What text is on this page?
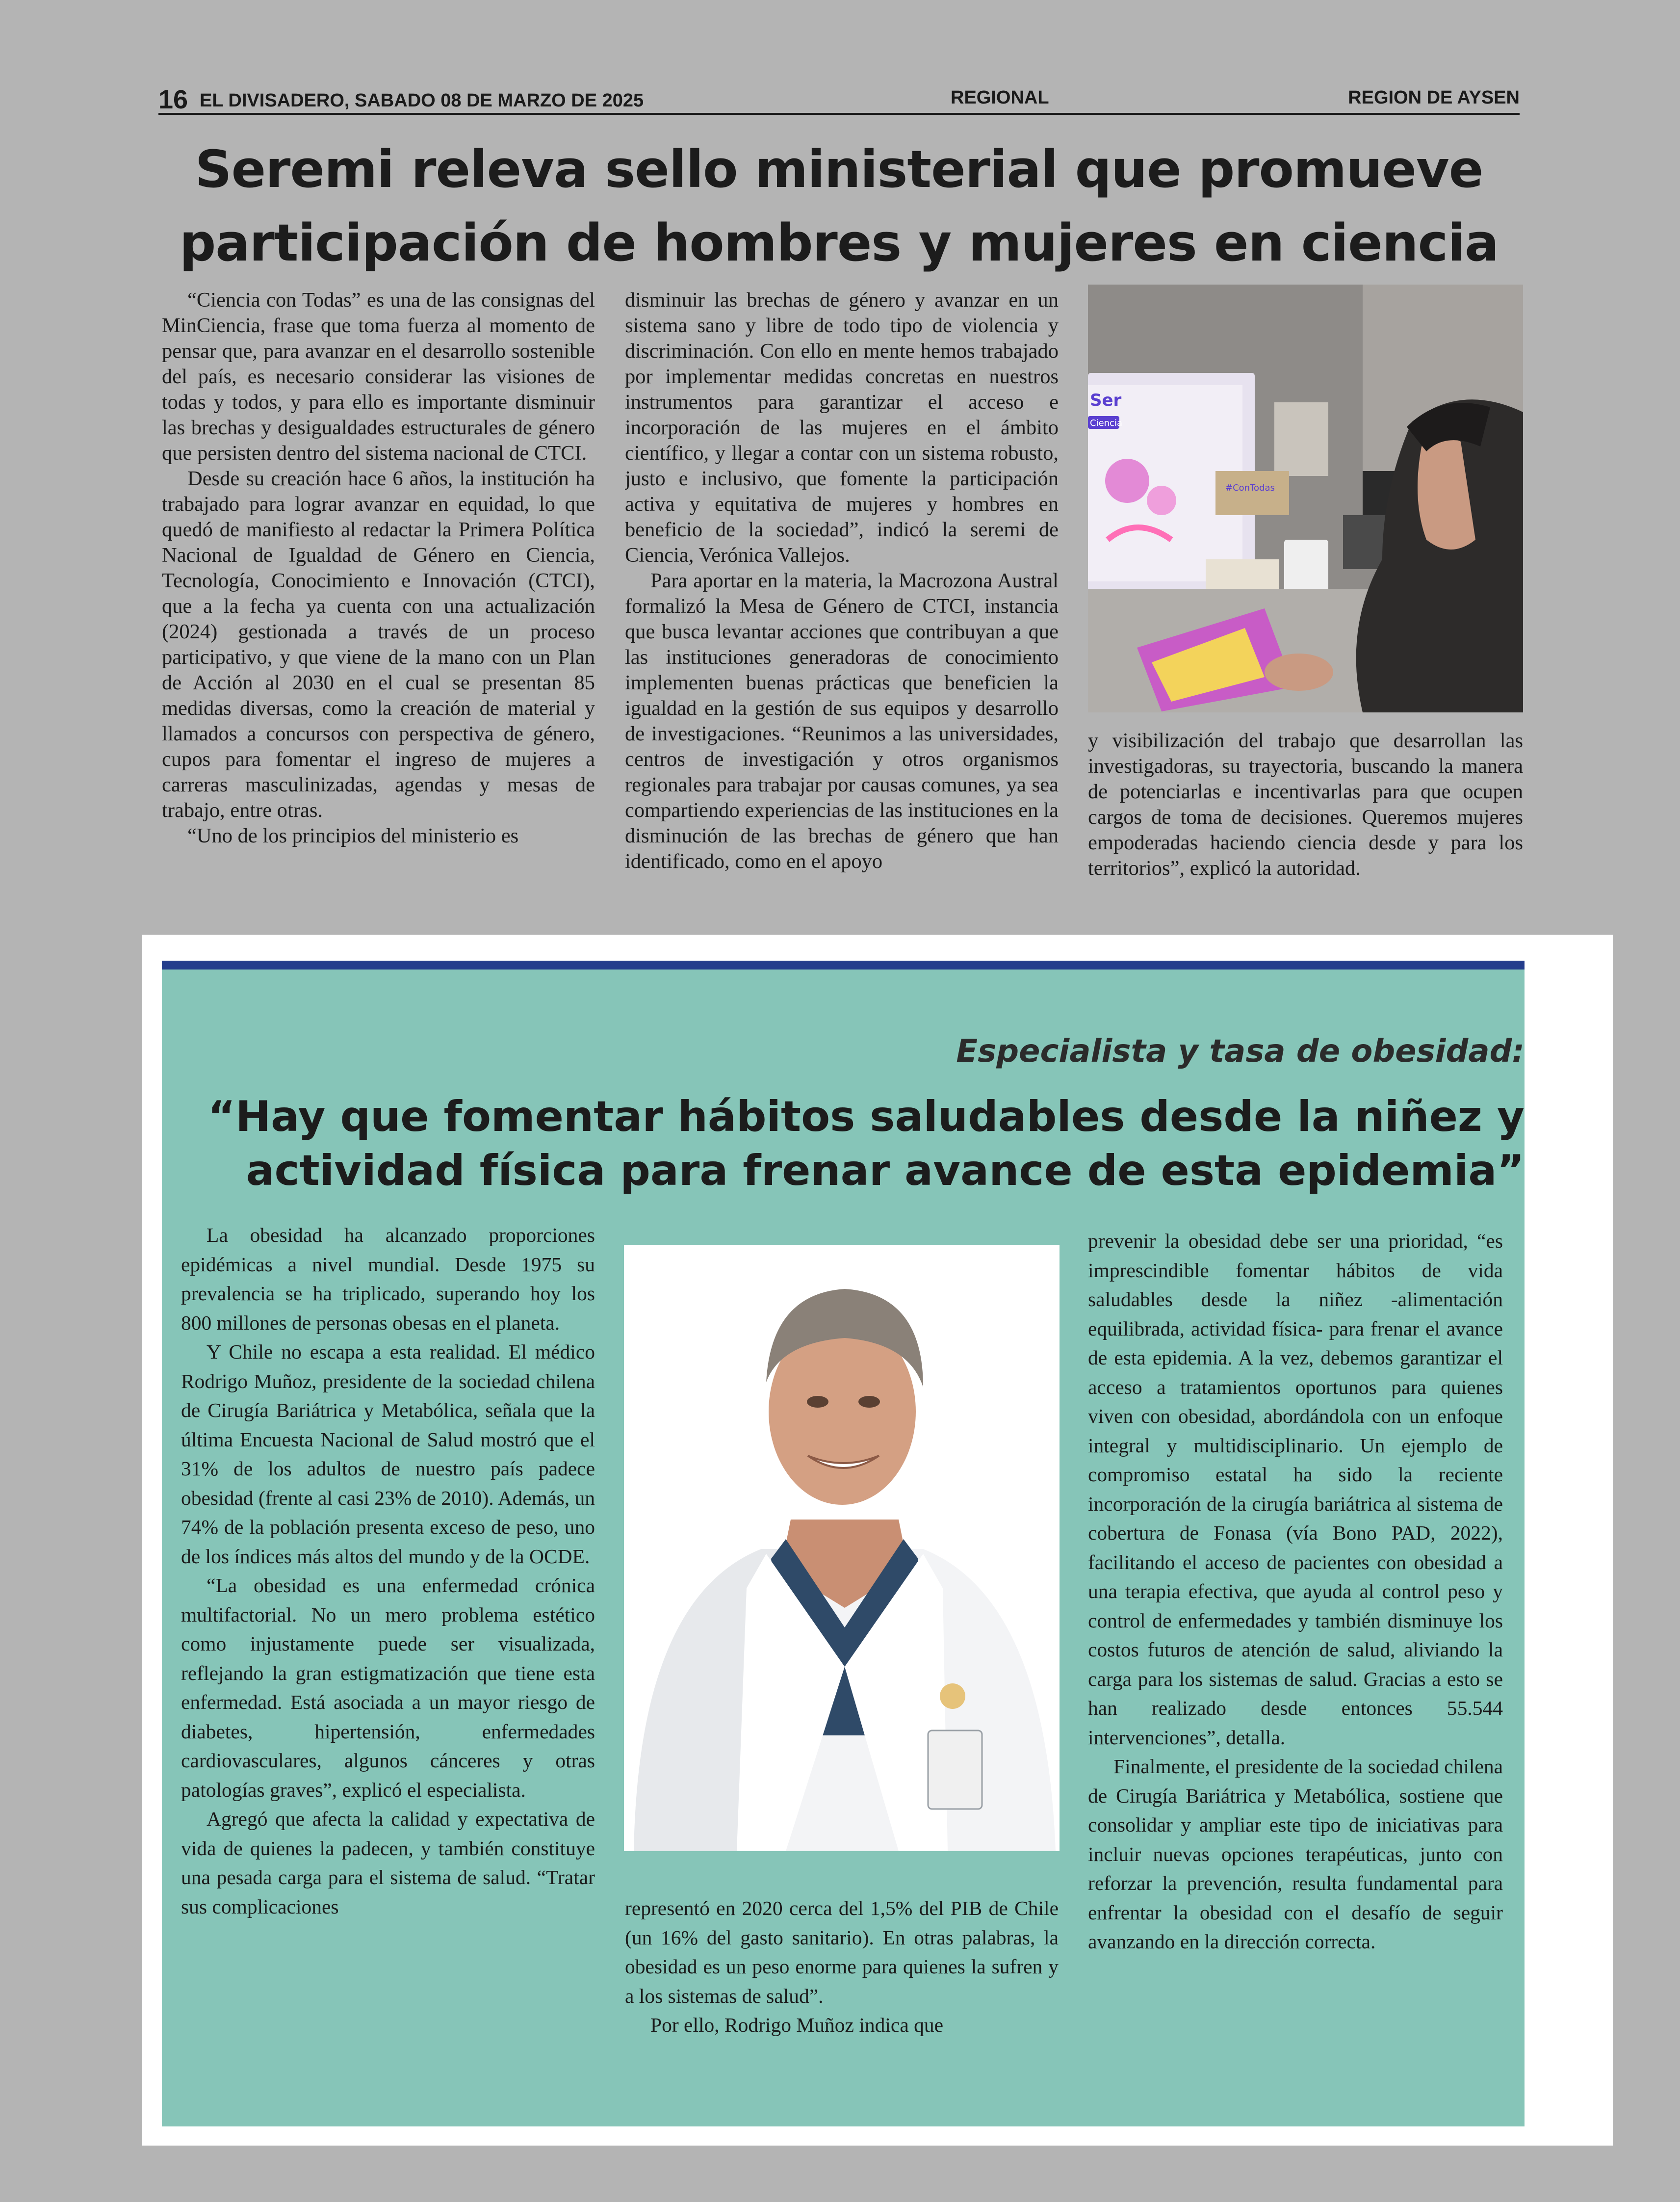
16 EL DIVISADERO, SABADO 08 DE MARZO DE 2025	REGIONAL	REGION DE AYSEN
Seremi releva sello ministerial que promueve participación de hombres y mujeres en ciencia

“Ciencia con Todas” es una de las consignas del MinCiencia, frase que toma fuerza al momento de pensar que, para avanzar en el desarrollo sostenible del país, es necesario considerar las visiones de todas y todos, y para ello es importante disminuir las brechas y desigualdades estructurales de género que persisten dentro del sistema nacional de CTCI.

Desde su creación hace 6 años, la institución ha trabajado para lograr avanzar en equidad, lo que quedó de manifiesto al redactar la Primera Política Nacional de Igualdad de Género en Ciencia, Tecnología, Conocimiento e Innovación (CTCI), que a la fecha ya cuenta con una actualización (2024) gestionada a través de un proceso participativo, y que viene de la mano con un Plan de Acción al 2030 en el cual se presentan 85 medidas diversas, como la creación de material y llamados a concursos con perspectiva de género, cupos para fomentar el ingreso de mujeres a carreras masculinizadas, agendas y mesas de trabajo, entre otras.

“Uno de los principios del ministerio es

disminuir las brechas de género y avanzar en un sistema sano y libre de todo tipo de violencia y discriminación. Con ello en mente hemos trabajado por implementar medidas concretas en nuestros instrumentos para garantizar el acceso e incorporación de las mujeres en el ámbito científico, y llegar a contar con un sistema robusto, justo e inclusivo, que fomente la participación activa y equitativa de mujeres y hombres en beneficio de la sociedad”, indicó la seremi de Ciencia, Verónica Vallejos.

Para aportar en la materia, la Macrozona Austral formalizó la Mesa de Género de CTCI, instancia que busca levantar acciones que contribuyan a que las instituciones generadoras de conocimiento implementen buenas prácticas que beneficien la igualdad en la gestión de sus equipos y desarrollo de investigaciones. “Reunimos a las universidades, centros de investigación y otros organismos regionales para trabajar por causas comunes, ya sea compartiendo experiencias de las instituciones en la disminución de las brechas de género que han identificado, como en el apoyo

Ser
Ciencia
#ConTodas

y visibilización del trabajo que desarrollan las investigadoras, su trayectoria, buscando la manera de potenciarlas e incentivarlas para que ocupen cargos de toma de decisiones. Queremos mujeres empoderadas haciendo ciencia desde y para los territorios”, explicó la autoridad.

Especialista y tasa de obesidad:
“Hay que fomentar hábitos saludables desde la niñez y actividad física para frenar avance de esta epidemia”

La obesidad ha alcanzado proporciones epidémicas a nivel mundial. Desde 1975 su prevalencia se ha triplicado, superando hoy los 800 millones de personas obesas en el planeta.

Y Chile no escapa a esta realidad. El médico Rodrigo Muñoz, presidente de la sociedad chilena de Cirugía Bariátrica y Metabólica, señala que la última Encuesta Nacional de Salud mostró que el 31% de los adultos de nuestro país padece obesidad (frente al casi 23% de 2010). Además, un 74% de la población presenta exceso de peso, uno de los índices más altos del mundo y de la OCDE.

“La obesidad es una enfermedad crónica multifactorial. No un mero problema estético como injustamente puede ser visualizada, reflejando la gran estigmatización que tiene esta enfermedad. Está asociada a un mayor riesgo de diabetes, hipertensión, enfermedades cardiovasculares, algunos cánceres y otras patologías graves”, explicó el especialista.

Agregó que afecta la calidad y expectativa de vida de quienes la padecen, y también constituye una pesada carga para el sistema de salud. “Tratar sus complicaciones	representó en 2020 cerca del 1,5% del PIB de Chile (un 16% del gasto sanitario). En otras palabras, la obesidad es un peso enorme para quienes la sufren y a los sistemas de salud”.

Por ello, Rodrigo Muñoz indica que

prevenir la obesidad debe ser una prioridad, “es imprescindible fomentar hábitos de vida saludables desde la niñez -alimentación equilibrada, actividad física- para frenar el avance de esta epidemia. A la vez, debemos garantizar el acceso a tratamientos oportunos para quienes viven con obesidad, abordándola con un enfoque integral y multidisciplinario. Un ejemplo de compromiso estatal ha sido la reciente incorporación de la cirugía bariátrica al sistema de cobertura de Fonasa (vía Bono PAD, 2022), facilitando el acceso de pacientes con obesidad a una terapia efectiva, que ayuda al control peso y control de enfermedades y también disminuye los costos futuros de atención de salud, aliviando la carga para los sistemas de salud. Gracias a esto se han realizado desde entonces 55.544 intervenciones”, detalla.

Finalmente, el presidente de la sociedad chilena de Cirugía Bariátrica y Metabólica, sostiene que consolidar y ampliar este tipo de iniciativas para incluir nuevas opciones terapéuticas, junto con reforzar la prevención, resulta fundamental para enfrentar la obesidad con el desafío de seguir avanzando en la dirección correcta.
